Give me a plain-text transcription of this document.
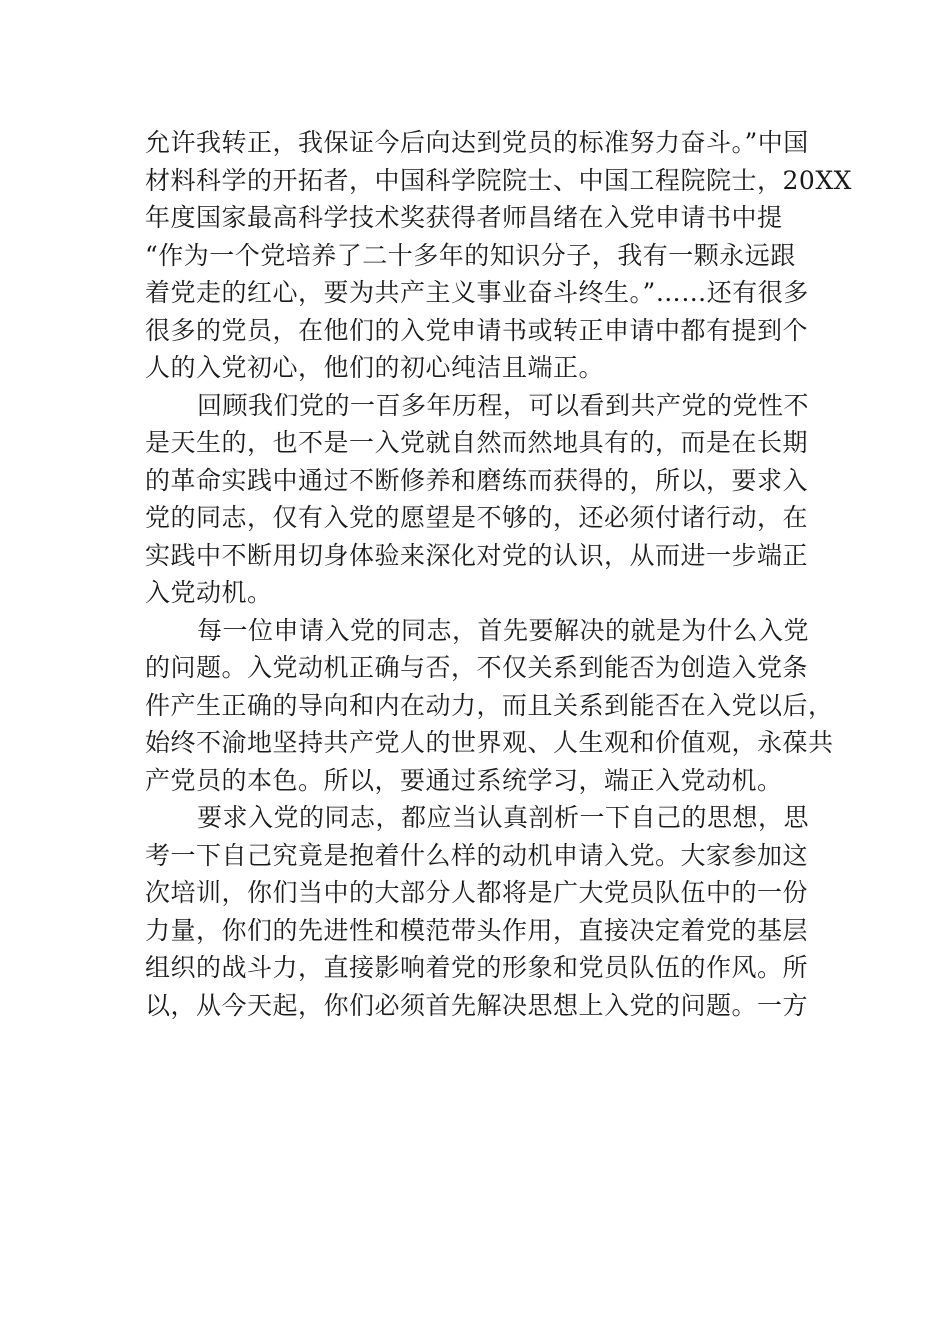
允许我转正，我保证今后向达到党员的标准努力奋斗。”中国
材料科学的开拓者，中国科学院院士、中国工程院院士，20XX
年度国家最高科学技术奖获得者师昌绪在入党申请书中提
“作为一个党培养了二十多年的知识分子，我有一颗永远跟
着党走的红心，要为共产主义事业奋斗终生。”……还有很多
很多的党员，在他们的入党申请书或转正申请中都有提到个
人的入党初心，他们的初心纯洁且端正。
回顾我们党的一百多年历程，可以看到共产党的党性不
是天生的，也不是一入党就自然而然地具有的，而是在长期
的革命实践中通过不断修养和磨练而获得的，所以，要求入
党的同志，仅有入党的愿望是不够的，还必须付诸行动，在
实践中不断用切身体验来深化对党的认识，从而进一步端正
入党动机。
每一位申请入党的同志，首先要解决的就是为什么入党
的问题。入党动机正确与否，不仅关系到能否为创造入党条
件产生正确的导向和内在动力，而且关系到能否在入党以后，
始终不渝地坚持共产党人的世界观、人生观和价值观，永葆共
产党员的本色。所以，要通过系统学习，端正入党动机。
要求入党的同志，都应当认真剖析一下自己的思想，思
考一下自己究竟是抱着什么样的动机申请入党。大家参加这
次培训，你们当中的大部分人都将是广大党员队伍中的一份
力量，你们的先进性和模范带头作用，直接决定着党的基层
组织的战斗力，直接影响着党的形象和党员队伍的作风。所
以，从今天起，你们必须首先解决思想上入党的问题。一方
